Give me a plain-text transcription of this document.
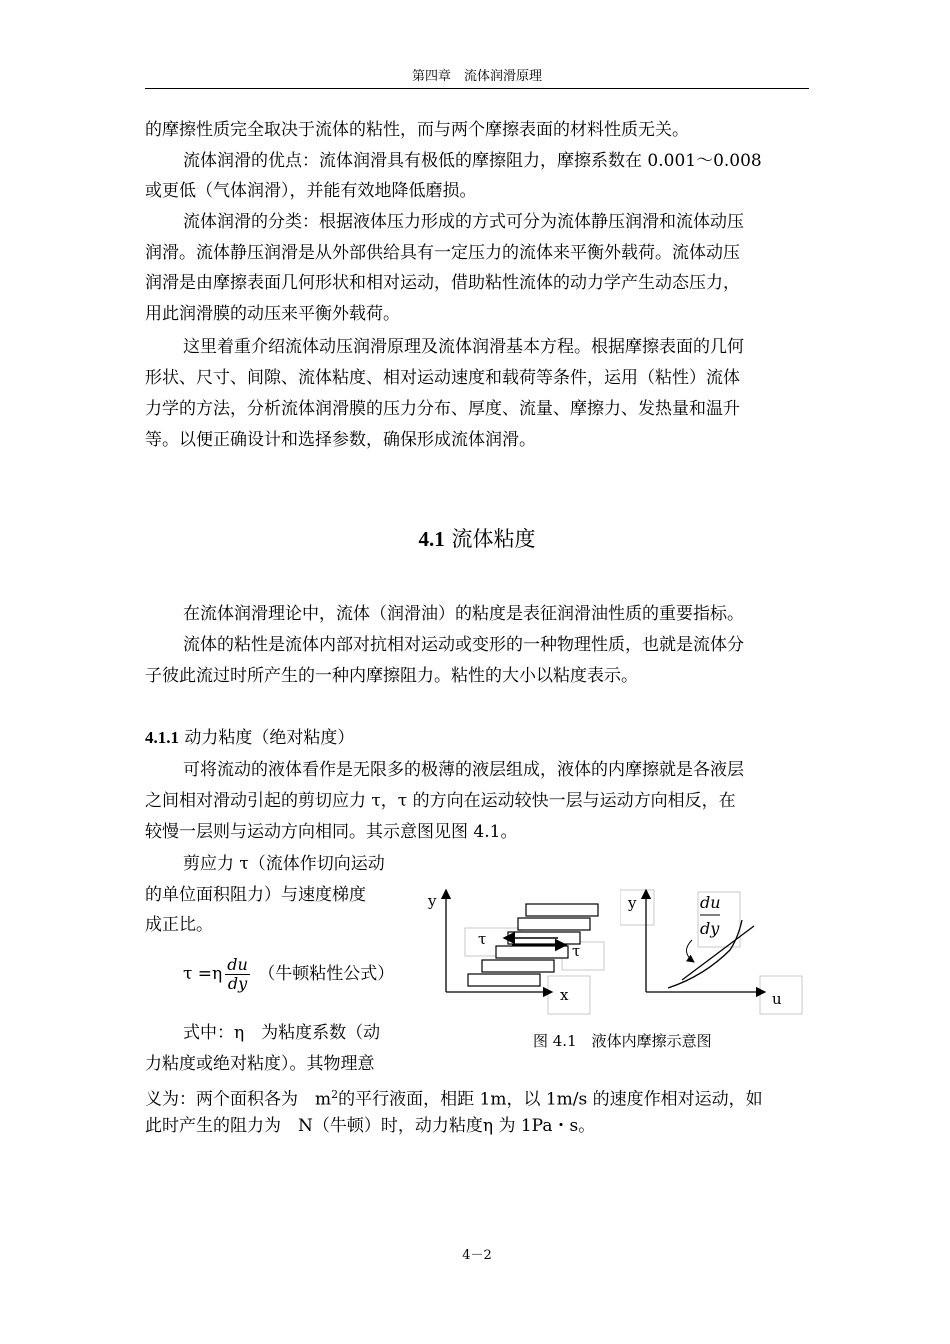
第四章　流体润滑原理
的摩擦性质完全取决于流体的粘性，而与两个摩擦表面的材料性质无关。
流体润滑的优点：流体润滑具有极低的摩擦阻力，摩擦系数在 0.001～0.008
或更低（气体润滑），并能有效地降低磨损。
流体润滑的分类：根据液体压力形成的方式可分为流体静压润滑和流体动压
润滑。流体静压润滑是从外部供给具有一定压力的流体来平衡外载荷。流体动压
润滑是由摩擦表面几何形状和相对运动，借助粘性流体的动力学产生动态压力，
用此润滑膜的动压来平衡外载荷。
这里着重介绍流体动压润滑原理及流体润滑基本方程。根据摩擦表面的几何
形状、尺寸、间隙、流体粘度、相对运动速度和载荷等条件，运用（粘性）流体
力学的方法，分析流体润滑膜的压力分布、厚度、流量、摩擦力、发热量和温升
等。以便正确设计和选择参数，确保形成流体润滑。
4.1 流体粘度
在流体润滑理论中，流体（润滑油）的粘度是表征润滑油性质的重要指标。
流体的粘性是流体内部对抗相对运动或变形的一种物理性质，也就是流体分
子彼此流过时所产生的一种内摩擦阻力。粘性的大小以粘度表示。
4.1.1 动力粘度（绝对粘度）
可将流动的液体看作是无限多的极薄的液层组成，液体的内摩擦就是各液层
之间相对滑动引起的剪切应力 τ，τ 的方向在运动较快一层与运动方向相反，在
较慢一层则与运动方向相同。其示意图见图 4.1。
剪应力 τ（流体作切向运动
的单位面积阻力）与速度梯度
成正比。
$\tau =\eta \frac{du}{dy}$ （牛顿粘性公式）
式中：η　为粘度系数（动
力粘度或绝对粘度）。其物理意
义为：两个面积各为　$m^2$的平行液面，相距 1m，以 1m/s 的速度作相对运动，如
此时产生的阻力为　N（牛顿）时，动力粘度η 为 1Pa・s。
y
x
τ
τ
y
u
du
dy
图 4.1　液体内摩擦示意图
4－2
